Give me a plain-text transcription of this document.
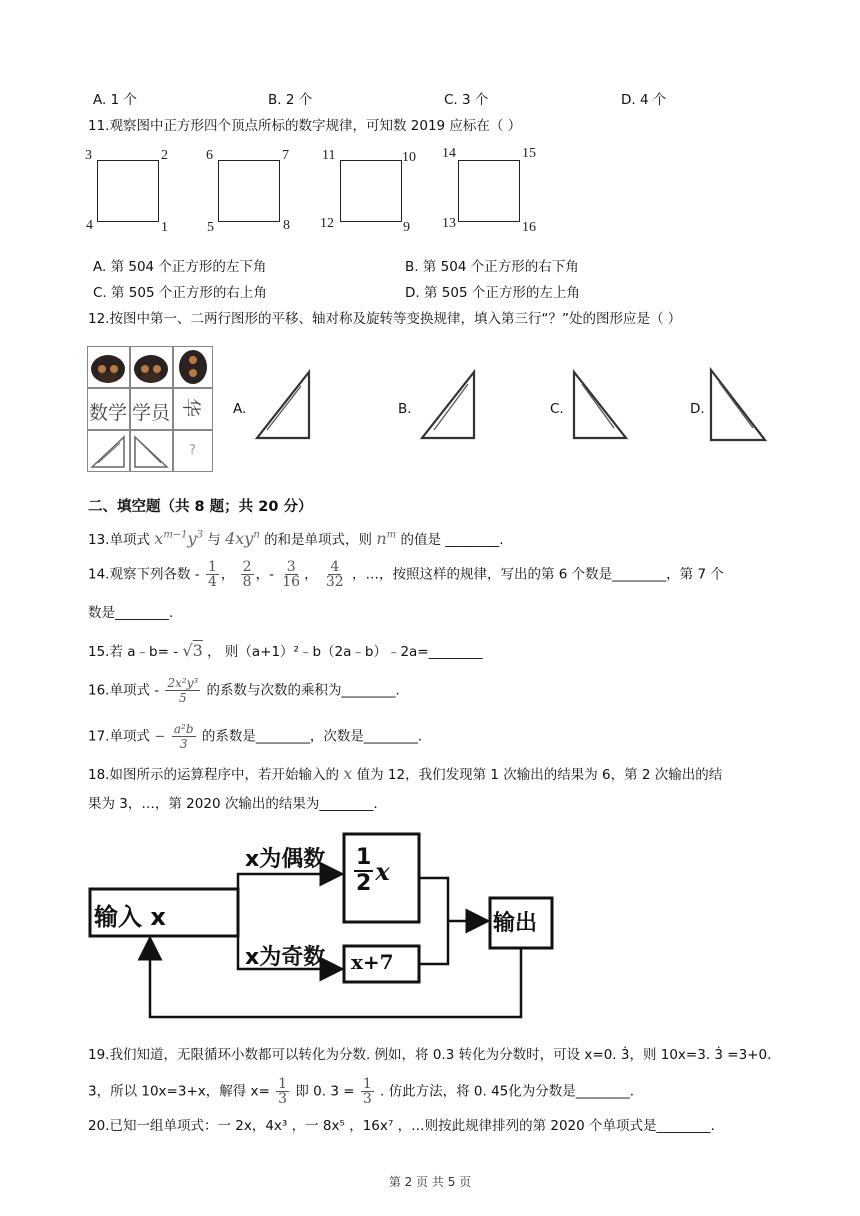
A. 1 个	B. 2 个	C. 3 个	D. 4 个
11.观察图中正方形四个顶点所标的数字规律，可知数 2019 应标在（ ）
3	2
4	1
6	7
5	8
11	10
12	9
14	15
13	16
A. 第 504 个正方形的左下角	B. 第 504 个正方形的右下角
C. 第 505 个正方形的右上角	D. 第 505 个正方形的左上角
12.按图中第一、二两行图形的平移、轴对称及旋转等变换规律，填入第三行“？”处的图形应是（ ）
数学 学员 华
?
A.	B.	C.	D.
二、填空题（共 8 题；共 20 分）
13.单项式 $x^{m-1}y^3$ 与 $4xy^n$ 的和是单项式，则 $n^m$ 的值是 ________.
14.观察下列各数 - $\frac{1}{4}$ ， $\frac{2}{8}$ ，- $\frac{3}{16}$ ， $\frac{4}{32}$ ，…，按照这样的规律，写出的第 6 个数是________，第 7 个
数是________.
15.若 a﹣b= - √3 ， 则（a+1）²﹣b（2a﹣b）﹣2a=________
16.单项式 - $\frac{\text{2x²y³}}{5}$ 的系数与次数的乘积为________.
17.单项式 − $\frac{\text{a²b}}{3}$ 的系数是________，次数是________.
18.如图所示的运算程序中，若开始输入的 x 值为 12，我们发现第 1 次输出的结果为 6，第 2 次输出的结
果为 3，…，第 2020 次输出的结果为________.
输入 x
x为偶数
x为奇数
1
2 x
x+7
输出
19.我们知道，无限循环小数都可以转化为分数. 例如，将 0.3 转化为分数时，可设 x=0. 3̇，则 10x=3. 3̇ =3+0.
3̇，所以 10x=3+x，解得 $x= \frac{1}{3}$ 即 0. 3̇ = $\frac{1}{3}$ . 仿此方法，将 0. 4̇5̇化为分数是________.
20.已知一组单项式：一 2x，4x³ ，一 8x⁵ ，16x⁷ ，…则按此规律排列的第 2020 个单项式是________.
第 2 页 共 5 页
